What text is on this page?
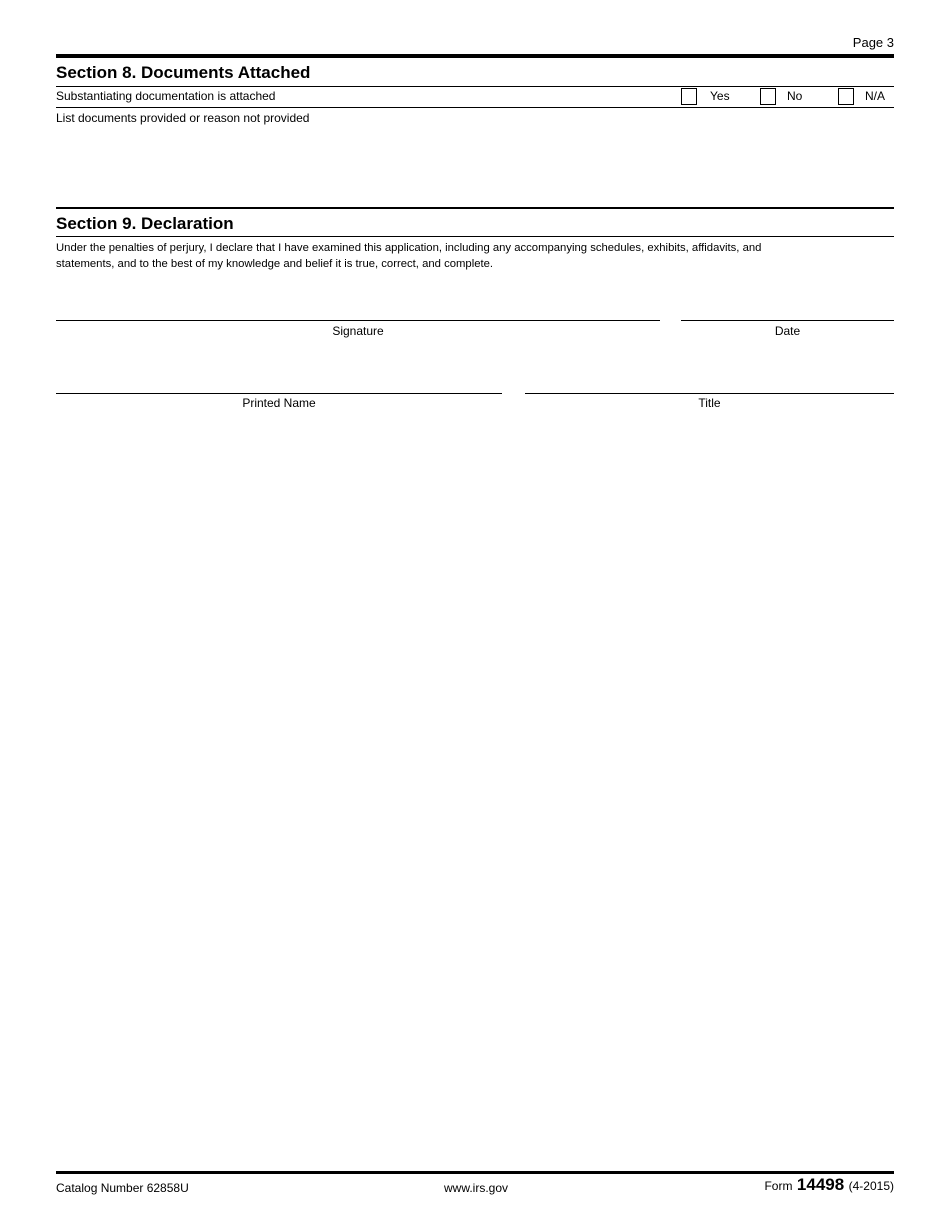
Page 3
Section 8. Documents Attached
Substantiating documentation is attached	Yes	No	N/A
List documents provided or reason not provided
Section 9. Declaration
Under the penalties of perjury, I declare that I have examined this application, including any accompanying schedules, exhibits, affidavits, and
statements, and to the best of my knowledge and belief it is true, correct, and complete.
Signature	Date
Printed Name	Title
Catalog Number 62858U	www.irs.gov	Form 14498 (4-2015)
